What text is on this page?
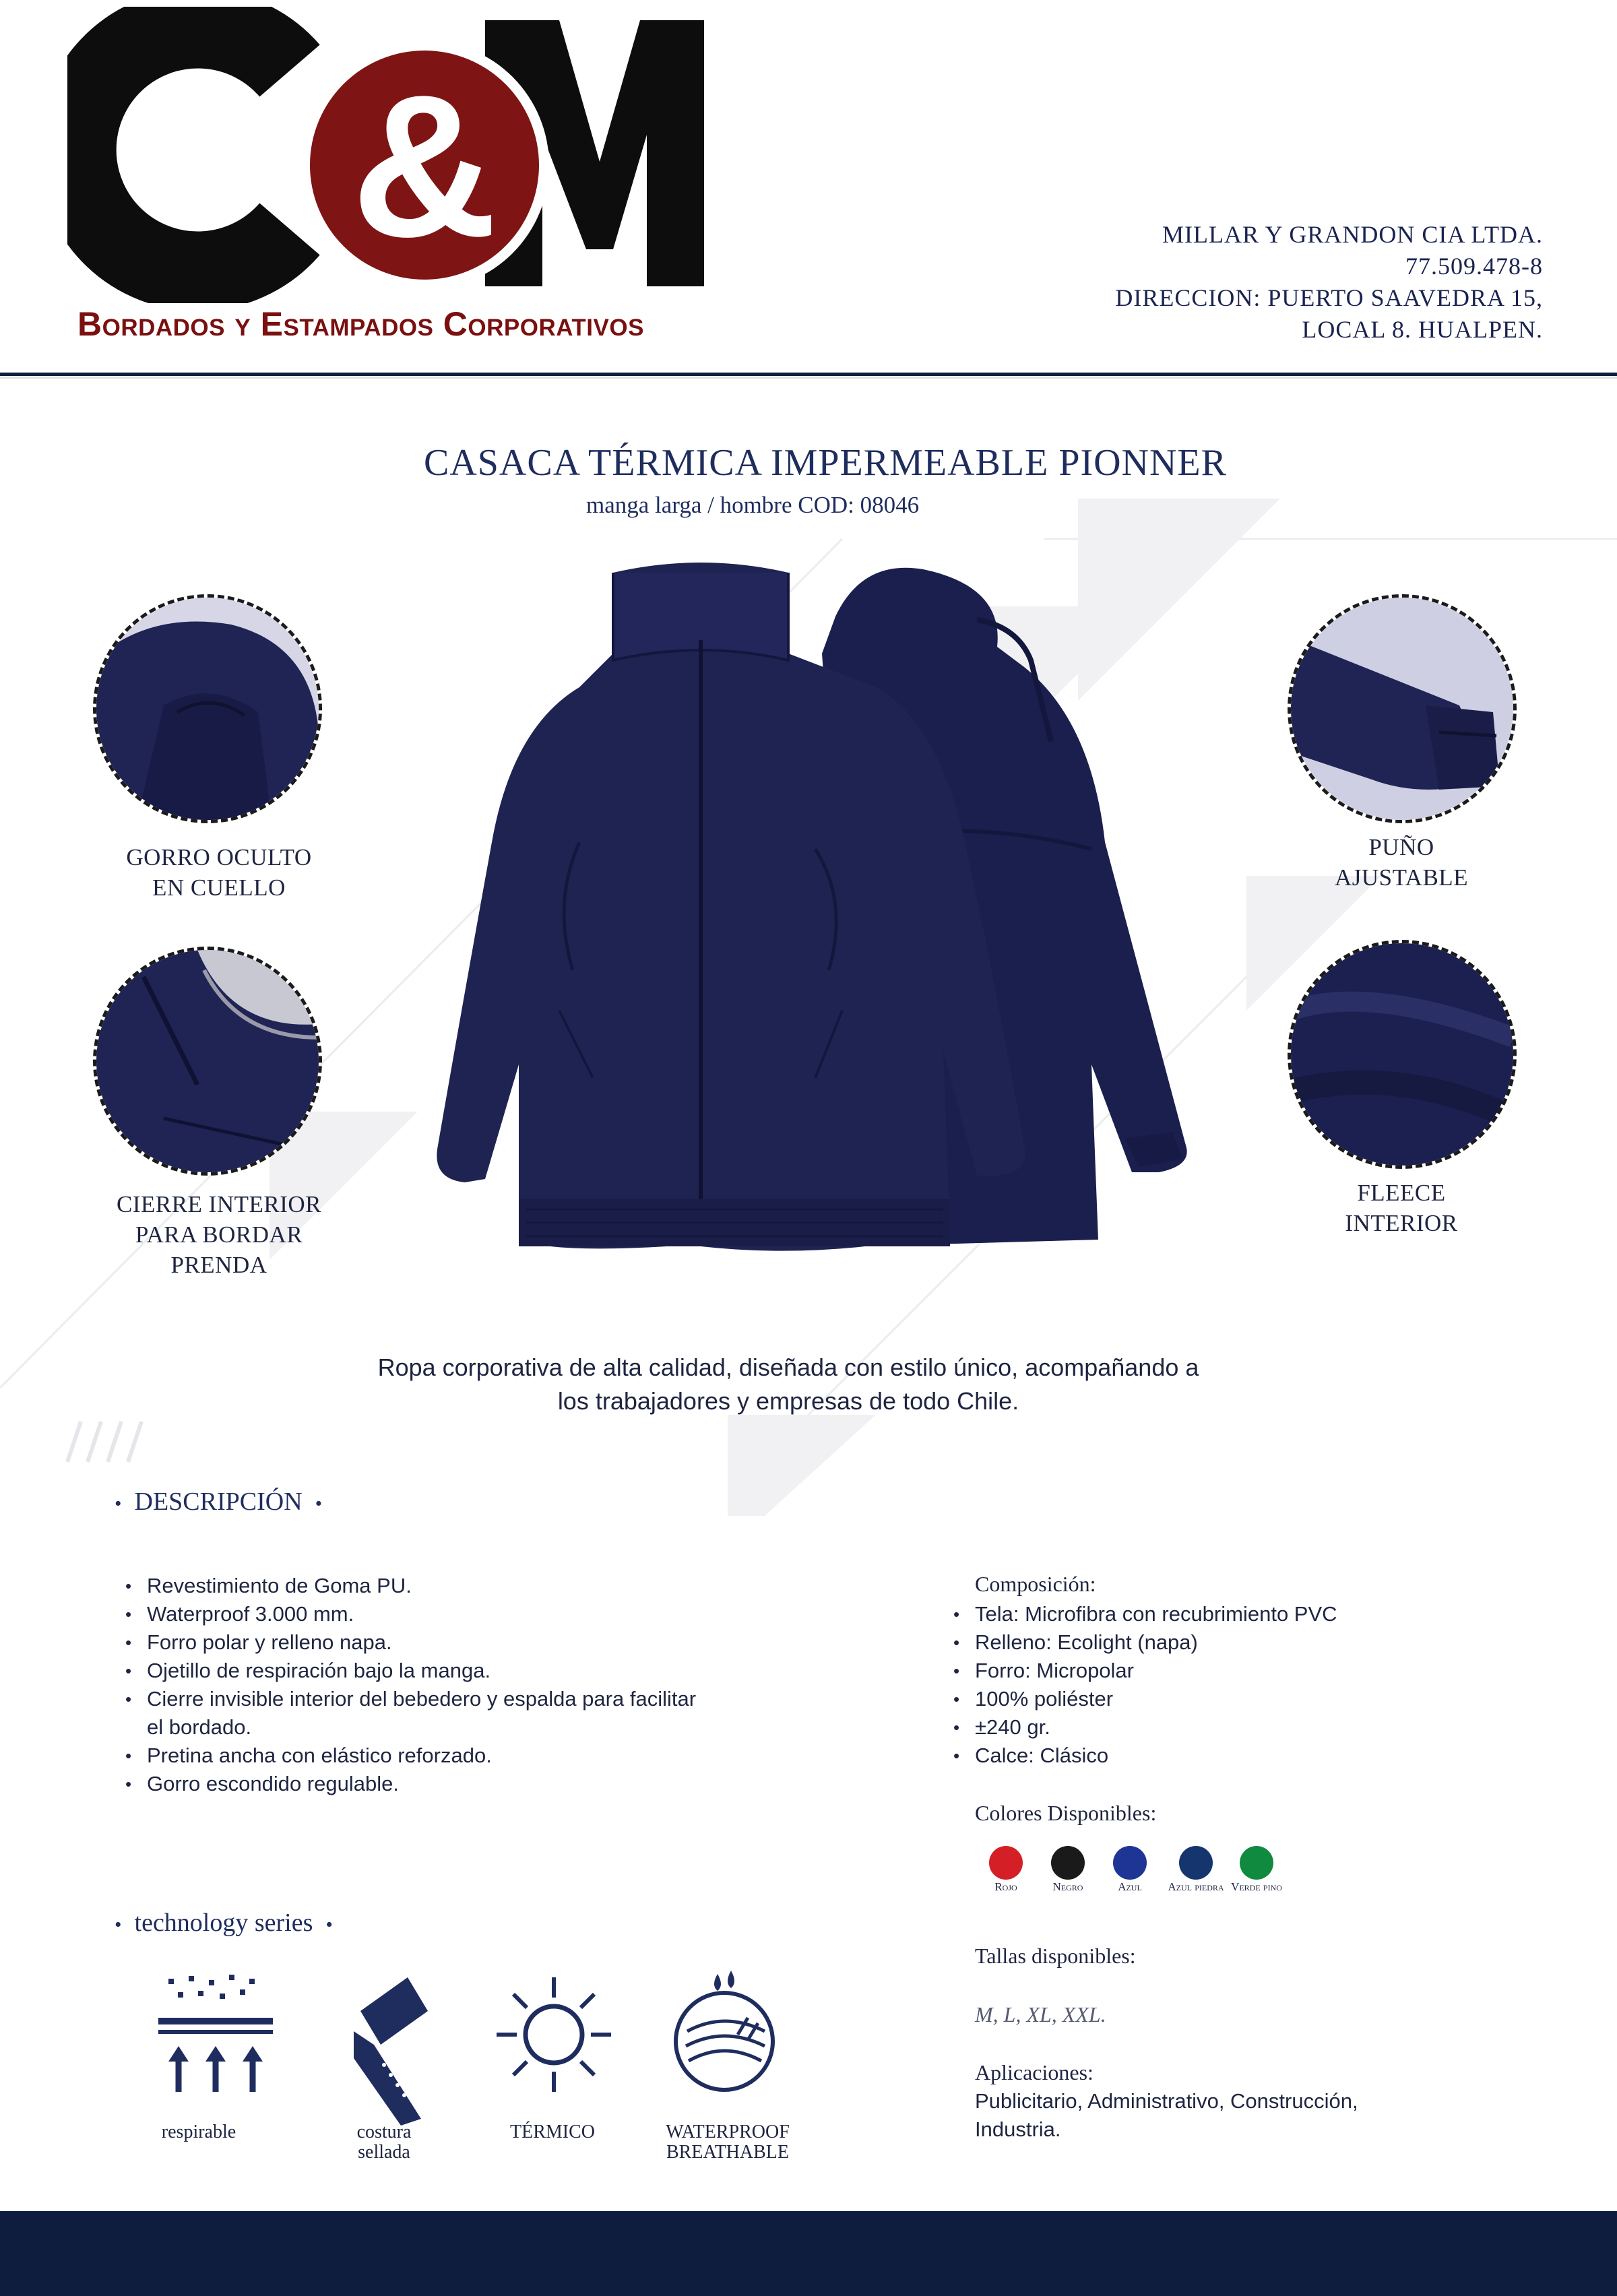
&
Bordados y Estampados Corporativos
MILLAR Y GRANDON CIA LTDA.
77.509.478-8
DIRECCION: PUERTO SAAVEDRA 15,
LOCAL 8. HUALPEN.
CASACA TÉRMICA IMPERMEABLE PIONNER
manga larga / hombre COD: 08046
GORRO OCULTO
EN CUELLO
CIERRE INTERIOR
PARA BORDAR
PRENDA
PUÑO
AJUSTABLE
FLEECE
INTERIOR
Ropa corporativa de alta calidad, diseñada con estilo único, acompañando a
los trabajadores y empresas de todo Chile.
• DESCRIPCIÓN •
• Revestimiento de Goma PU.
• Waterproof 3.000 mm.
• Forro polar y relleno napa.
• Ojetillo de respiración bajo la manga.
• Cierre invisible interior del bebedero y espalda para facilitar el bordado.
• Pretina ancha con elástico reforzado.
• Gorro escondido regulable.
Composición:
• Tela: Microfibra con recubrimiento PVC
• Relleno: Ecolight (napa)
• Forro: Micropolar
• 100% poliéster
• ±240 gr.
• Calce: Clásico
Colores Disponibles:
Rojo	Negro	Azul	Azul piedra Verde pino
Tallas disponibles:
M, L, XL, XXL.
Aplicaciones:
Publicitario, Administrativo, Construcción, Industria.
• technology series •
respirable	costura
sellada
TÉRMICO	WATERPROOF
BREATHABLE
